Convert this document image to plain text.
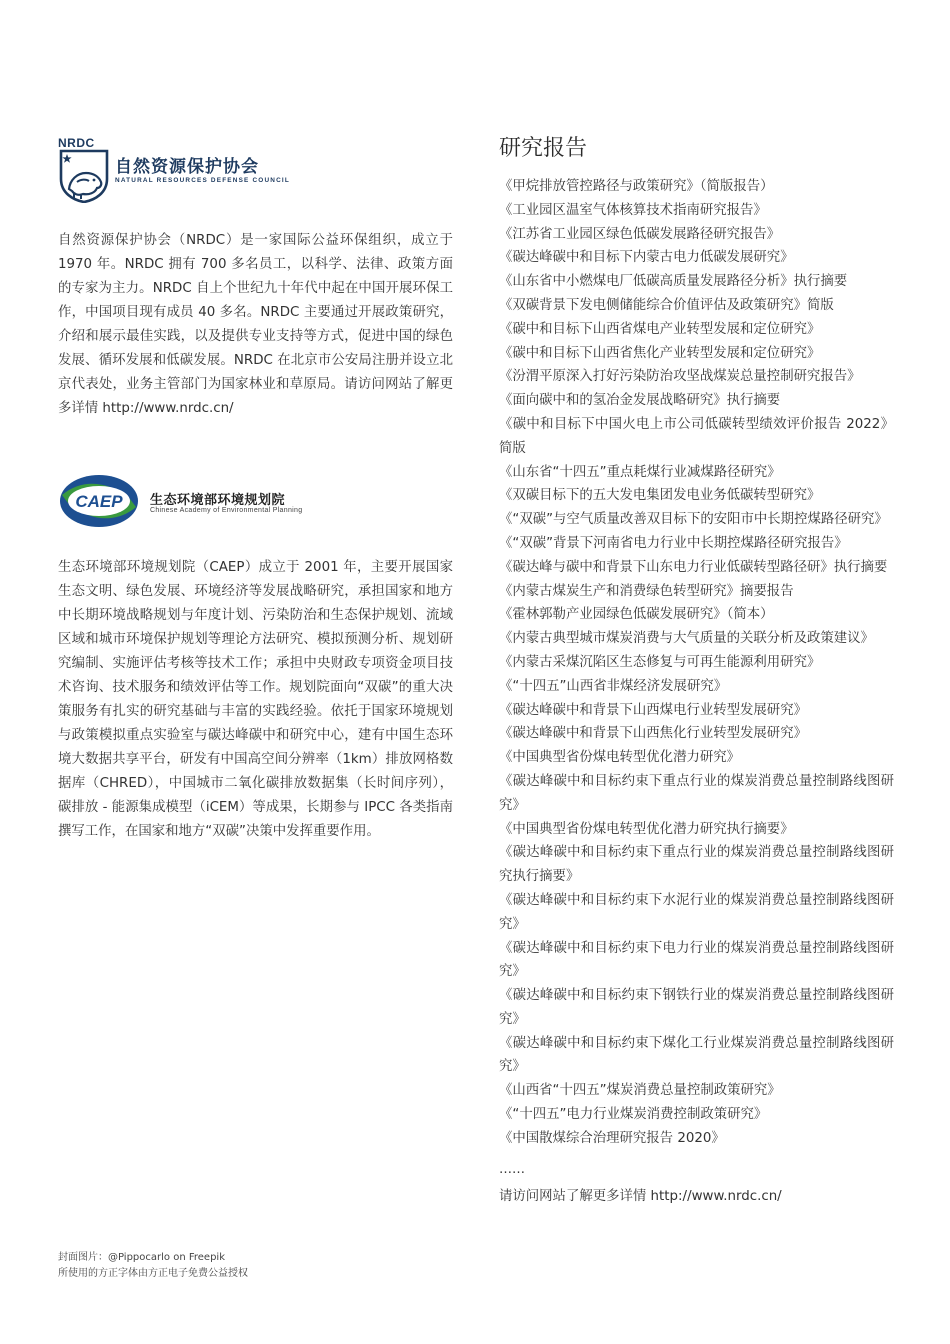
NRDC
自然资源保护协会
NATURAL RESOURCES DEFENSE COUNCIL

自然资源保护协会（NRDC）是一家国际公益环保组织，成立于 1970 年。NRDC 拥有 700 多名员工，以科学、法律、政策方面的专家为主力。NRDC 自上个世纪九十年代中起在中国开展环保工作，中国项目现有成员 40 多名。NRDC 主要通过开展政策研究，介绍和展示最佳实践，以及提供专业支持等方式，促进中国的绿色发展、循环发展和低碳发展。NRDC 在北京市公安局注册并设立北京代表处，业务主管部门为国家林业和草原局。请访问网站了解更多详情 http://www.nrdc.cn/

CAEP 生态环境部环境规划院
Chinese Academy of Environmental Planning

生态环境部环境规划院（CAEP）成立于 2001 年，主要开展国家生态文明、绿色发展、环境经济等发展战略研究，承担国家和地方中长期环境战略规划与年度计划、污染防治和生态保护规划、流域区域和城市环境保护规划等理论方法研究、模拟预测分析、规划研究编制、实施评估考核等技术工作；承担中央财政专项资金项目技术咨询、技术服务和绩效评估等工作。规划院面向“双碳”的重大决策服务有扎实的研究基础与丰富的实践经验。依托于国家环境规划与政策模拟重点实验室与碳达峰碳中和研究中心，建有中国生态环境大数据共享平台，研发有中国高空间分辨率（1km）排放网格数据库（CHRED），中国城市二氧化碳排放数据集（长时间序列），碳排放 - 能源集成模型（iCEM）等成果，长期参与 IPCC 各类指南撰写工作，在国家和地方“双碳”决策中发挥重要作用。

研究报告
《甲烷排放管控路径与政策研究》（简版报告）
《工业园区温室气体核算技术指南研究报告》
《江苏省工业园区绿色低碳发展路径研究报告》
《碳达峰碳中和目标下内蒙古电力低碳发展研究》
《山东省中小燃煤电厂低碳高质量发展路径分析》执行摘要
《双碳背景下发电侧储能综合价值评估及政策研究》简版
《碳中和目标下山西省煤电产业转型发展和定位研究》
《碳中和目标下山西省焦化产业转型发展和定位研究》
《汾渭平原深入打好污染防治攻坚战煤炭总量控制研究报告》
《面向碳中和的氢冶金发展战略研究》执行摘要
《碳中和目标下中国火电上市公司低碳转型绩效评价报告 2022》简版
《山东省“十四五”重点耗煤行业减煤路径研究》
《双碳目标下的五大发电集团发电业务低碳转型研究》
《“双碳”与空气质量改善双目标下的安阳市中长期控煤路径研究》
《“双碳”背景下河南省电力行业中长期控煤路径研究报告》
《碳达峰与碳中和背景下山东电力行业低碳转型路径研》执行摘要
《内蒙古煤炭生产和消费绿色转型研究》摘要报告
《霍林郭勒产业园绿色低碳发展研究》（简本）
《内蒙古典型城市煤炭消费与大气质量的关联分析及政策建议》
《内蒙古采煤沉陷区生态修复与可再生能源利用研究》
《“十四五”山西省非煤经济发展研究》
《碳达峰碳中和背景下山西煤电行业转型发展研究》
《碳达峰碳中和背景下山西焦化行业转型发展研究》
《中国典型省份煤电转型优化潜力研究》
《碳达峰碳中和目标约束下重点行业的煤炭消费总量控制路线图研究》
《中国典型省份煤电转型优化潜力研究执行摘要》
《碳达峰碳中和目标约束下重点行业的煤炭消费总量控制路线图研究执行摘要》
《碳达峰碳中和目标约束下水泥行业的煤炭消费总量控制路线图研究》
《碳达峰碳中和目标约束下电力行业的煤炭消费总量控制路线图研究》
《碳达峰碳中和目标约束下钢铁行业的煤炭消费总量控制路线图研究》
《碳达峰碳中和目标约束下煤化工行业煤炭消费总量控制路线图研究》
《山西省“十四五”煤炭消费总量控制政策研究》
《“十四五”电力行业煤炭消费控制政策研究》
《中国散煤综合治理研究报告 2020》
……
请访问网站了解更多详情 http://www.nrdc.cn/
封面图片：@Pippocarlo on Freepik
所使用的方正字体由方正电子免费公益授权
